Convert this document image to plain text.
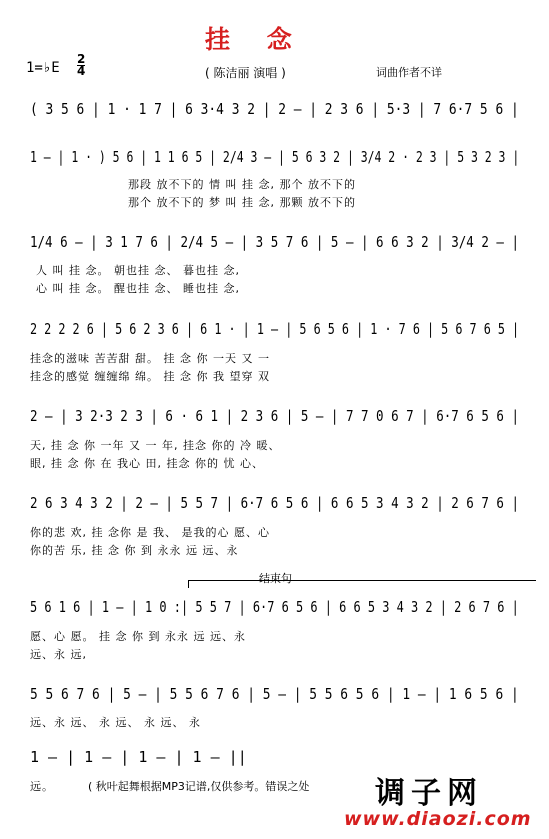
挂 念
1=♭E
2
4	( 陈洁丽 演唱 )	词曲作者不详
( 3 5 6 | 1 · 1 7 | 6 3·4 3 2 | 2 – | 2 3 6 | 5·3 | 7 6·7 5 6 |
1 – | 1 · ) 5 6 | 1 1 6 5 | 2/4 3 – | 5 6 3 2 | 3/4 2 · 2 3 | 5 3 2 3 |
那段 放不下的 情 叫 挂 念, 那个 放不下的
那个 放不下的 梦 叫 挂 念, 那颗 放不下的
1/4 6 – | 3 1 7 6 | 2/4 5 – | 3 5 7 6 | 5 – | 6 6 3 2 | 3/4 2 – |
人 叫 挂 念。 朝也挂 念、 暮也挂 念,
心 叫 挂 念。 醒也挂 念、 睡也挂 念,
2 2 2 2 6 | 5 6 2 3 6 | 6 1 · | 1 – | 5 6 5 6 | 1 · 7 6 | 5 6 7 6 5 |
挂念的滋味 苦苦甜 甜。 挂 念 你 一天 又 一
挂念的感觉 缠缠绵 绵。 挂 念 你 我 望穿 双
2 – | 3 2·3 2 3 | 6 · 6 1 | 2 3 6 | 5 – | 7 7 0 6 7 | 6·7 6 5 6 |
天, 挂 念 你 一年 又 一 年, 挂念 你的 冷 暖、
眼, 挂 念 你 在 我心 田, 挂念 你的 忧 心、
2 6 3 4 3 2 | 2 – | 5 5 7 | 6·7 6 5 6 | 6 6 5 3 4 3 2 | 2 6 7 6 |
你的悲 欢, 挂 念你 是 我、 是我的心 愿、心
你的苦 乐, 挂 念 你 到 永永 远 远、永
结束句
5 6 1 6 | 1 – | 1 0 :| 5 5 7 | 6·7 6 5 6 | 6 6 5 3 4 3 2 | 2 6 7 6 |
愿、心 愿。 挂 念 你 到 永永 远 远、永
远、永 远,
5 5 6 7 6 | 5 – | 5 5 6 7 6 | 5 – | 5 5 6 5 6 | 1 – | 1 6 5 6 |
远、永 远、 永 远、 永 远、 永
1 – | 1 – | 1 – | 1 – ||
远。	( 秋叶起舞根据MP3记谱,仅供参考。错误之处 调子网
www.diaozi.com
